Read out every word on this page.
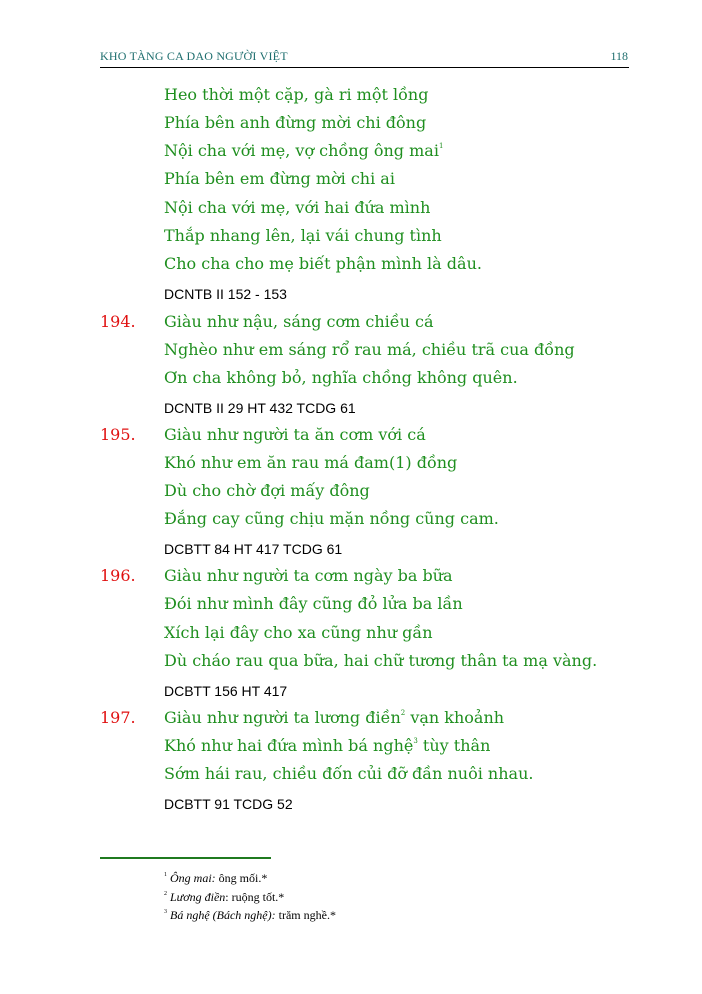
KHO TÀNG CA DAO NGƯỜI VIỆT	118
Heo thời một cặp, gà ri một lồng
Phía bên anh đừng mời chi đông
Nội cha với mẹ, vợ chồng ông mai$^1$
Phía bên em đừng mời chi ai
Nội cha với mẹ, với hai đứa mình
Thắp nhang lên, lại vái chung tình
Cho cha cho mẹ biết phận mình là dâu.
DCNTB II 152 - 153
194. Giàu như nậu, sáng cơm chiều cá
Nghèo như em sáng rổ rau má, chiều trã cua đồng
Ơn cha không bỏ, nghĩa chồng không quên.
DCNTB II 29 HT 432 TCDG 61
195. Giàu như người ta ăn cơm với cá
Khó như em ăn rau má đam(1) đồng
Dù cho chờ đợi mấy đông
Đắng cay cũng chịu mặn nồng cũng cam.
DCBTT 84 HT 417 TCDG 61
196. Giàu như người ta cơm ngày ba bữa
Đói như mình đây cũng đỏ lửa ba lần
Xích lại đây cho xa cũng như gần
Dù cháo rau qua bữa, hai chữ tương thân ta mạ vàng.
DCBTT 156 HT 417
197. Giàu như người ta lương điền$^2$ vạn khoảnh
Khó như hai đứa mình bá nghệ$^3$ tùy thân
Sớm hái rau, chiều đốn củi đỡ đần nuôi nhau.
DCBTT 91 TCDG 52
$^1$ Ông mai: ông mối.*
$^2$ Lương điền: ruộng tốt.*
$^3$ Bá nghệ (Bách nghệ): trăm nghề.*
